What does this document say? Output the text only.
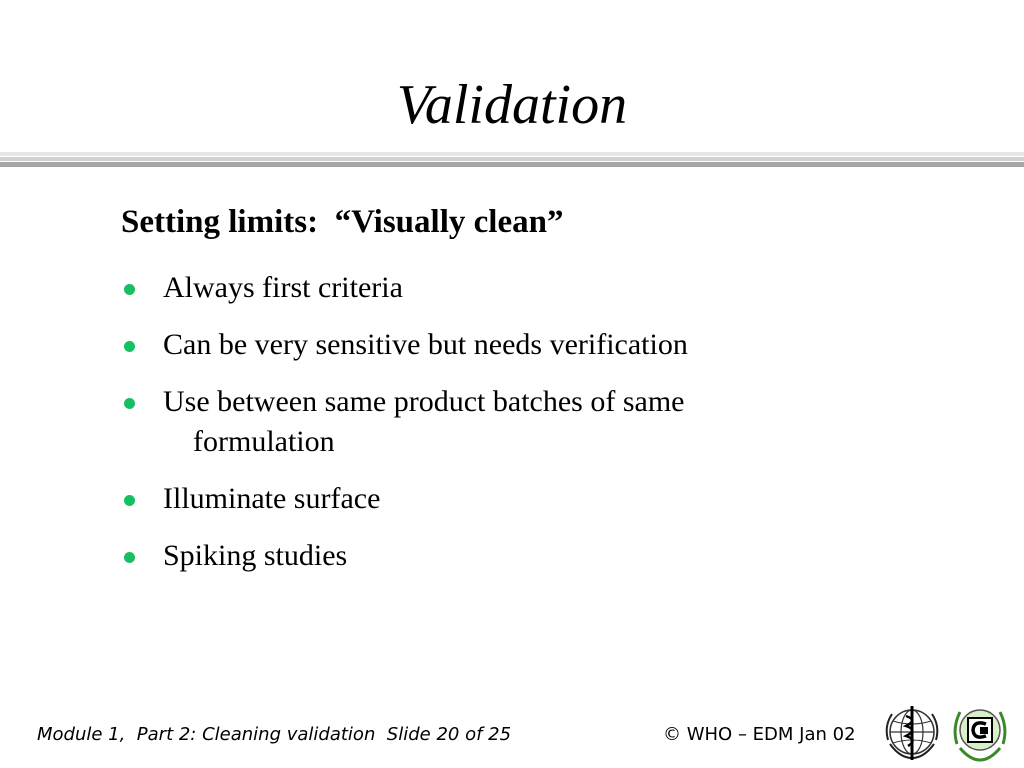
Validation
Setting limits:  “Visually clean”
Always first criteria
Can be very sensitive but needs verification
Use between same product batches of same
formulation
Illuminate surface
Spiking studies
Module 1,  Part 2: Cleaning validation  Slide 20 of 25	© WHO – EDM Jan 02
